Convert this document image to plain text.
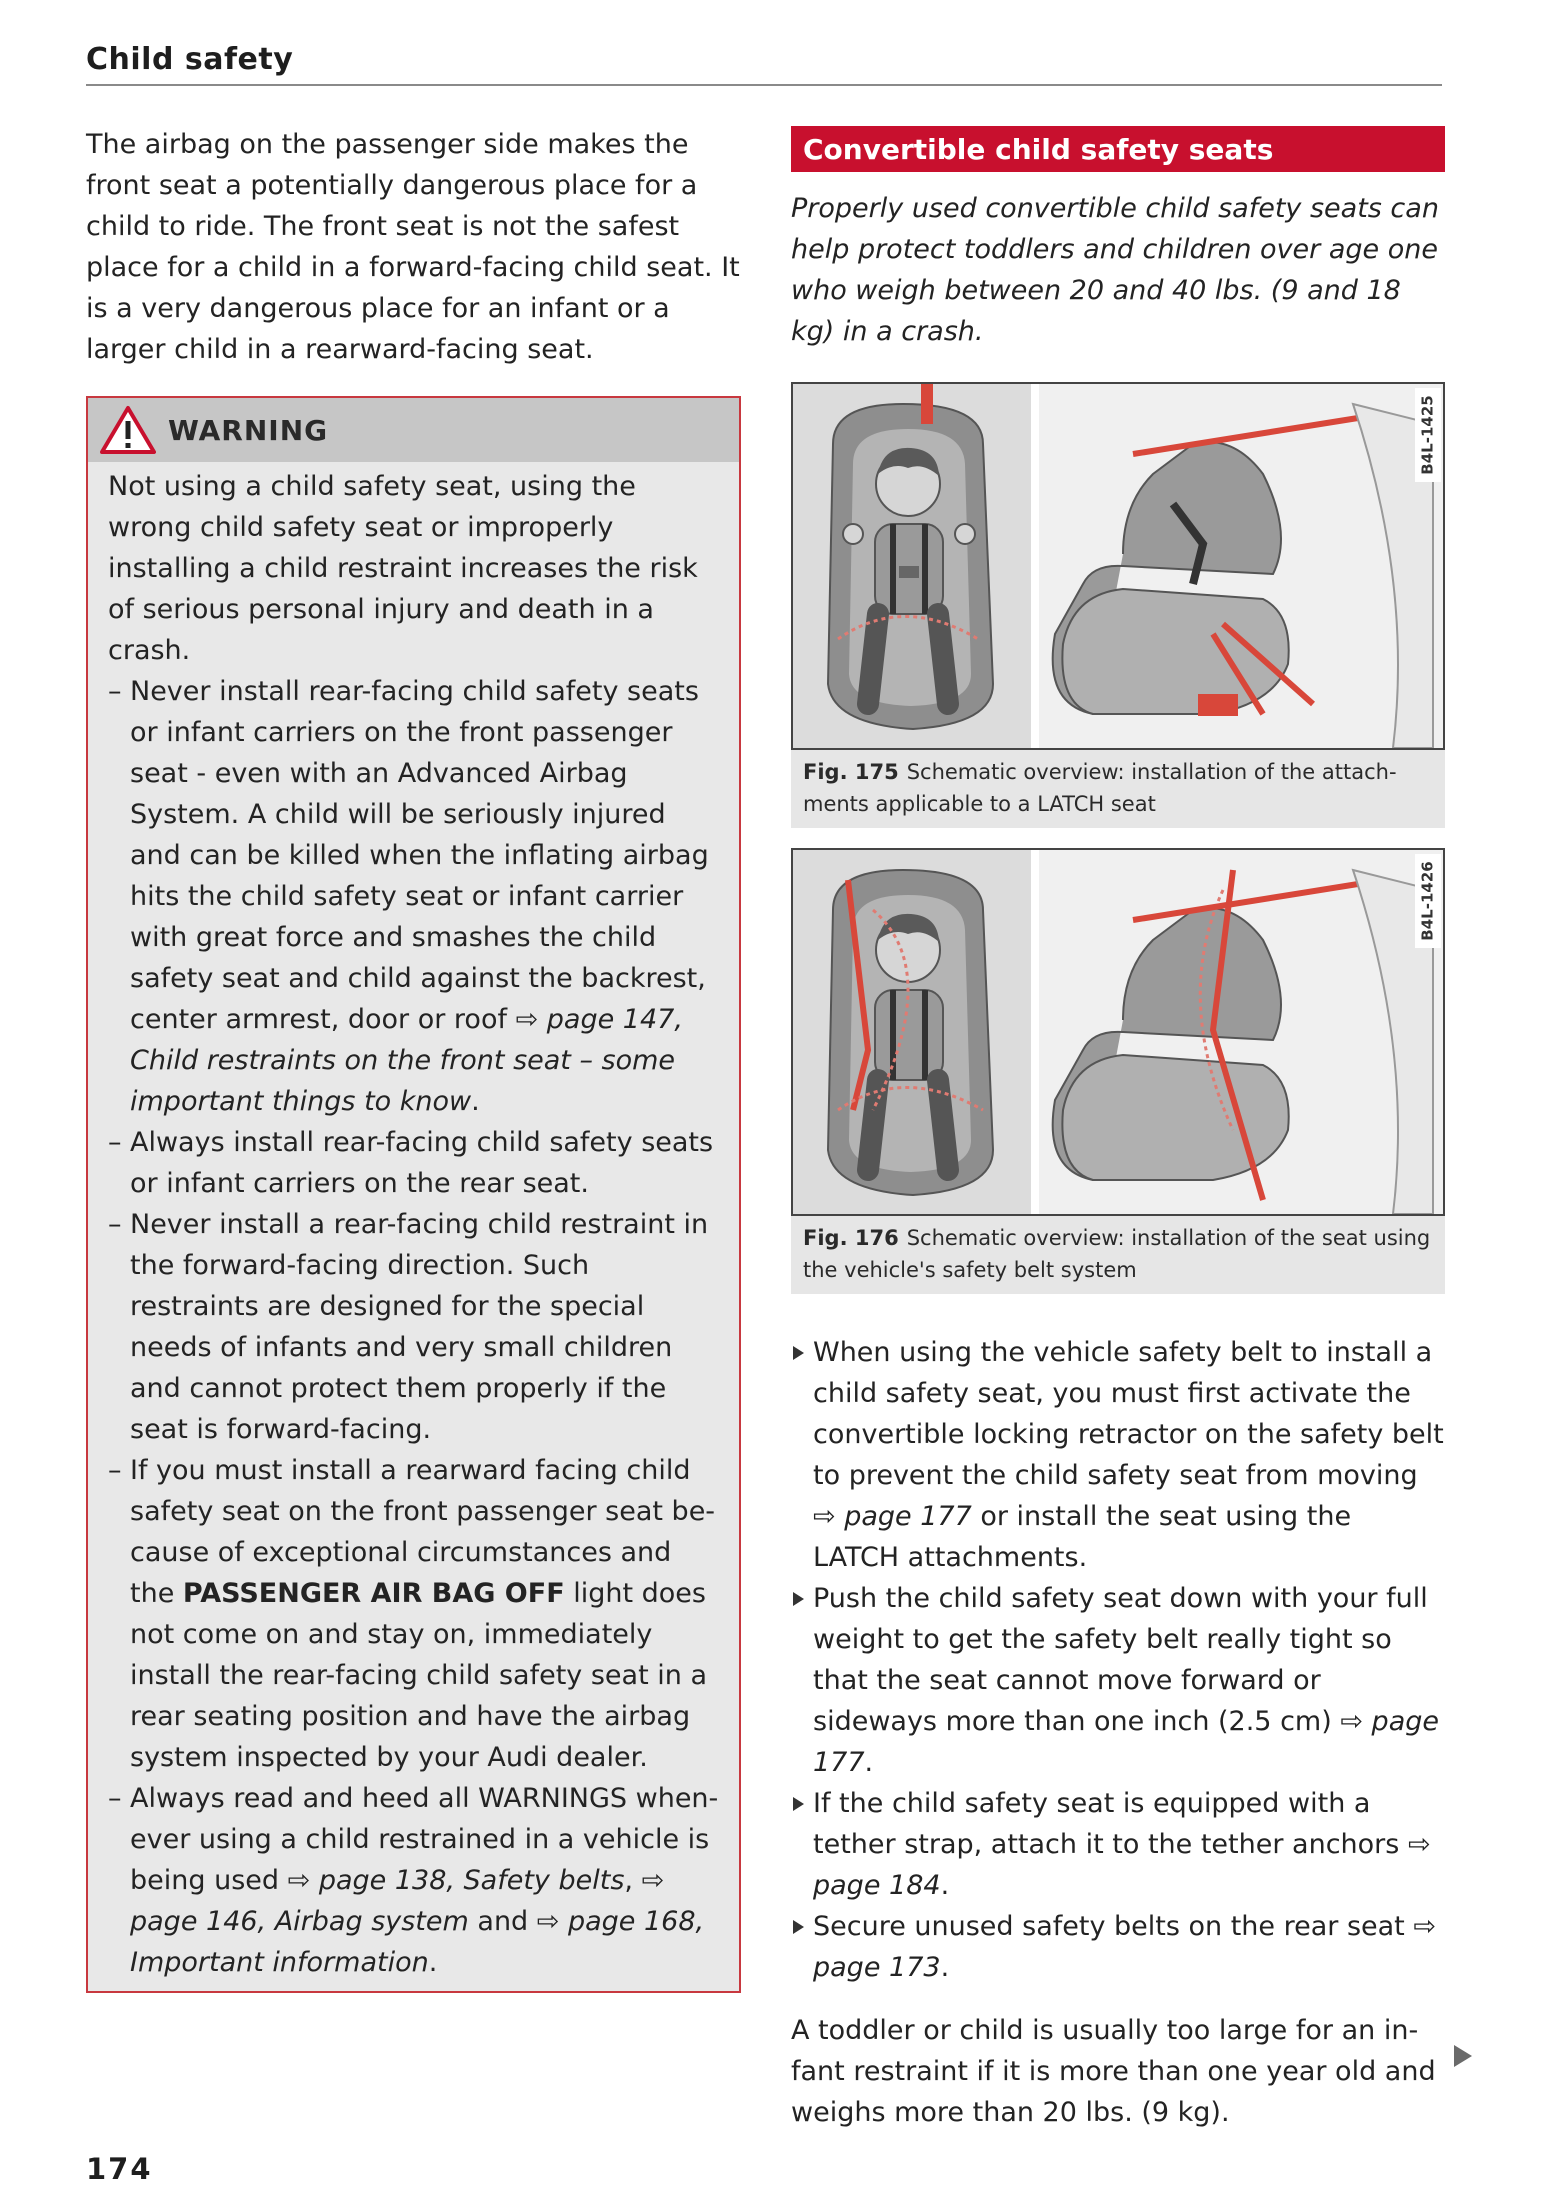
Child safety

The airbag on the passenger side makes the front seat a potentially dangerous place for a child to ride. The front seat is not the safest place for a child in a forward-facing child seat. It is a very dangerous place for an infant or a larger child in a rearward-facing seat.

WARNING

Not using a child safety seat, using the wrong child safety seat or improperly installing a child restraint increases the risk of serious personal injury and death in a crash.

– Never install rear-facing child safety seats or infant carriers on the front passenger seat - even with an Advanced Airbag System. A child will be seriously injured and can be killed when the inflating airbag hits the child safety seat or infant carrier with great force and smashes the child safety seat and child against the backrest, center armrest, door or roof ⇨ page 147, Child restraints on the front seat – some important things to know.
– Always install rear-facing child safety seats or infant carriers on the rear seat.
– Never install a rear-facing child restraint in the forward-facing direction. Such restraints are designed for the special needs of infants and very small children and cannot protect them properly if the seat is forward-facing.
– If you must install a rearward facing child safety seat on the front passenger seat be-cause of exceptional circumstances and the PASSENGER AIR BAG OFF light does not come on and stay on, immediately install the rear-facing child safety seat in a rear seating position and have the airbag system inspected by your Audi dealer.
– Always read and heed all WARNINGS when-ever using a child restrained in a vehicle is being used ⇨ page 138, Safety belts, ⇨ page 146, Airbag system and ⇨ page 168, Important information.
Convertible child safety seats

Properly used convertible child safety seats can help protect toddlers and children over age one who weigh between 20 and 40 lbs. (9 and 18 kg) in a crash.

B4L-1425
Fig. 175 Schematic overview: installation of the attach-ments applicable to a LATCH seat
B4L-1426
Fig. 176 Schematic overview: installation of the seat using the vehicle's safety belt system
When using the vehicle safety belt to install a child safety seat, you must first activate the convertible locking retractor on the safety belt to prevent the child safety seat from moving ⇨ page 177 or install the seat using the LATCH attachments.
Push the child safety seat down with your full weight to get the safety belt really tight so that the seat cannot move forward or sideways more than one inch (2.5 cm) ⇨ page 177.
If the child safety seat is equipped with a tether strap, attach it to the tether anchors ⇨ page 184.
Secure unused safety belts on the rear seat ⇨ page 173.

A toddler or child is usually too large for an in-fant restraint if it is more than one year old and weighs more than 20 lbs. (9 kg).

174
